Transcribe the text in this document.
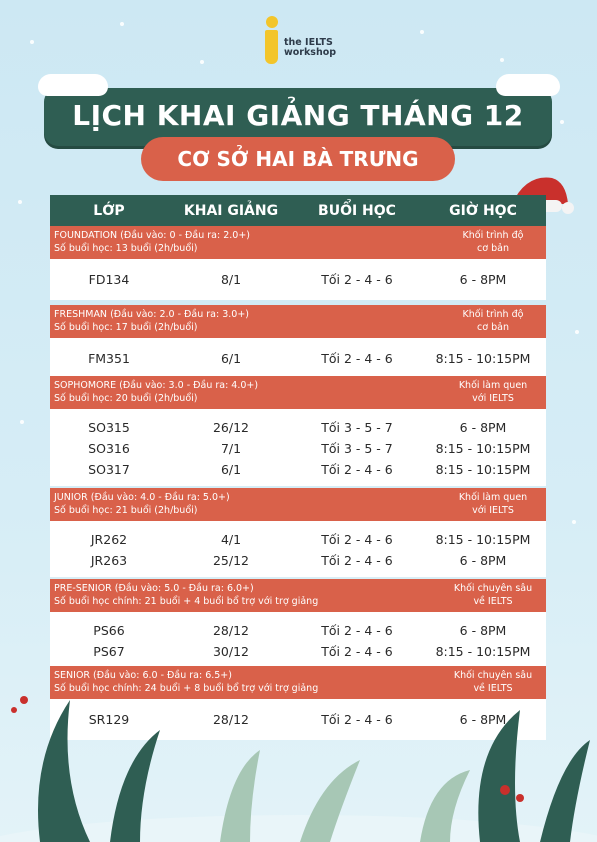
the IELTS
workshop
LỊCH KHAI GIẢNG THÁNG 12
CƠ SỞ HAI BÀ TRƯNG
LỚP	KHAI GIẢNG	BUỔI HỌC	GIỜ HỌC
FOUNDATION (Đầu vào: 0 - Đầu ra: 2.0+)
Số buổi học: 13 buổi (2h/buổi)
Khối trình độ
cơ bản
FD134	8/1	Tối 2 - 4 - 6	6 - 8PM
FRESHMAN (Đầu vào: 2.0 - Đầu ra: 3.0+)
Số buổi học: 17 buổi (2h/buổi)
Khối trình độ
cơ bản
FM351	6/1	Tối 2 - 4 - 6	8:15 - 10:15PM
SOPHOMORE (Đầu vào: 3.0 - Đầu ra: 4.0+)
Số buổi học: 20 buổi (2h/buổi)
Khối làm quen
với IELTS
SO315	26/12	Tối 3 - 5 - 7	6 - 8PM
SO316	7/1	Tối 3 - 5 - 7	8:15 - 10:15PM
SO317	6/1	Tối 2 - 4 - 6	8:15 - 10:15PM
JUNIOR (Đầu vào: 4.0 - Đầu ra: 5.0+)
Số buổi học: 21 buổi (2h/buổi)
Khối làm quen
với IELTS
JR262	4/1	Tối 2 - 4 - 6	8:15 - 10:15PM
JR263	25/12	Tối 2 - 4 - 6	6 - 8PM
PRE-SENIOR (Đầu vào: 5.0 - Đầu ra: 6.0+)
Số buổi học chính: 21 buổi + 4 buổi bổ trợ với trợ giảng
Khối chuyên sâu
về IELTS
PS66	28/12	Tối 2 - 4 - 6	6 - 8PM
PS67	30/12	Tối 2 - 4 - 6	8:15 - 10:15PM
SENIOR (Đầu vào: 6.0 - Đầu ra: 6.5+)
Số buổi học chính: 24 buổi + 8 buổi bổ trợ với trợ giảng
Khối chuyên sâu
về IELTS
SR129	28/12	Tối 2 - 4 - 6	6 - 8PM
